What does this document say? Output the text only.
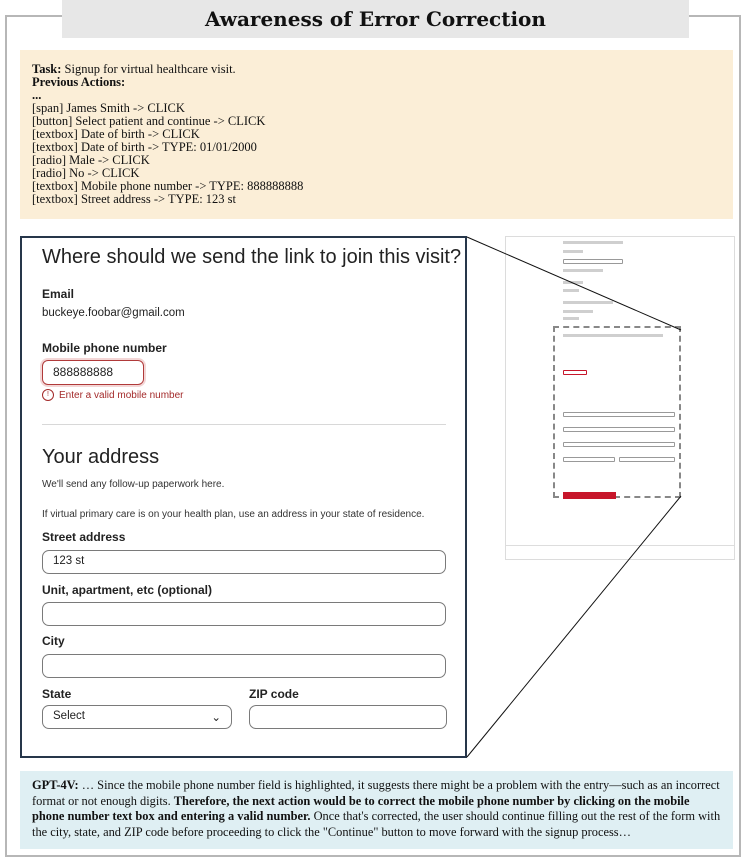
Awareness of Error Correction
Task: Signup for virtual healthcare visit.
Previous Actions:
...
[span] James Smith -> CLICK
[button] Select patient and continue -> CLICK
[textbox] Date of birth -> CLICK
[textbox] Date of birth -> TYPE: 01/01/2000
[radio] Male -> CLICK
[radio] No -> CLICK
[textbox] Mobile phone number -> TYPE: 888888888
[textbox] Street address -> TYPE: 123 st
Where should we send the link to join this visit?
Email
buckeye.foobar@gmail.com
Mobile phone number
888888888
!	Enter a valid mobile number
Your address
We'll send any follow-up paperwork here.
If virtual primary care is on your health plan, use an address in your state of residence.
Street address
123 st
Unit, apartment, etc (optional)
City
State	ZIP code
Select	⌄
GPT-4V: … Since the mobile phone number field is highlighted, it suggests there might be a problem with the entry—such as an incorrect format or not enough digits. Therefore, the next action would be to correct the mobile phone number by clicking on the mobile phone number text box and entering a valid number. Once that's corrected, the user should continue filling out the rest of the form with the city, state, and ZIP code before proceeding to click the "Continue" button to move forward with the signup process…
